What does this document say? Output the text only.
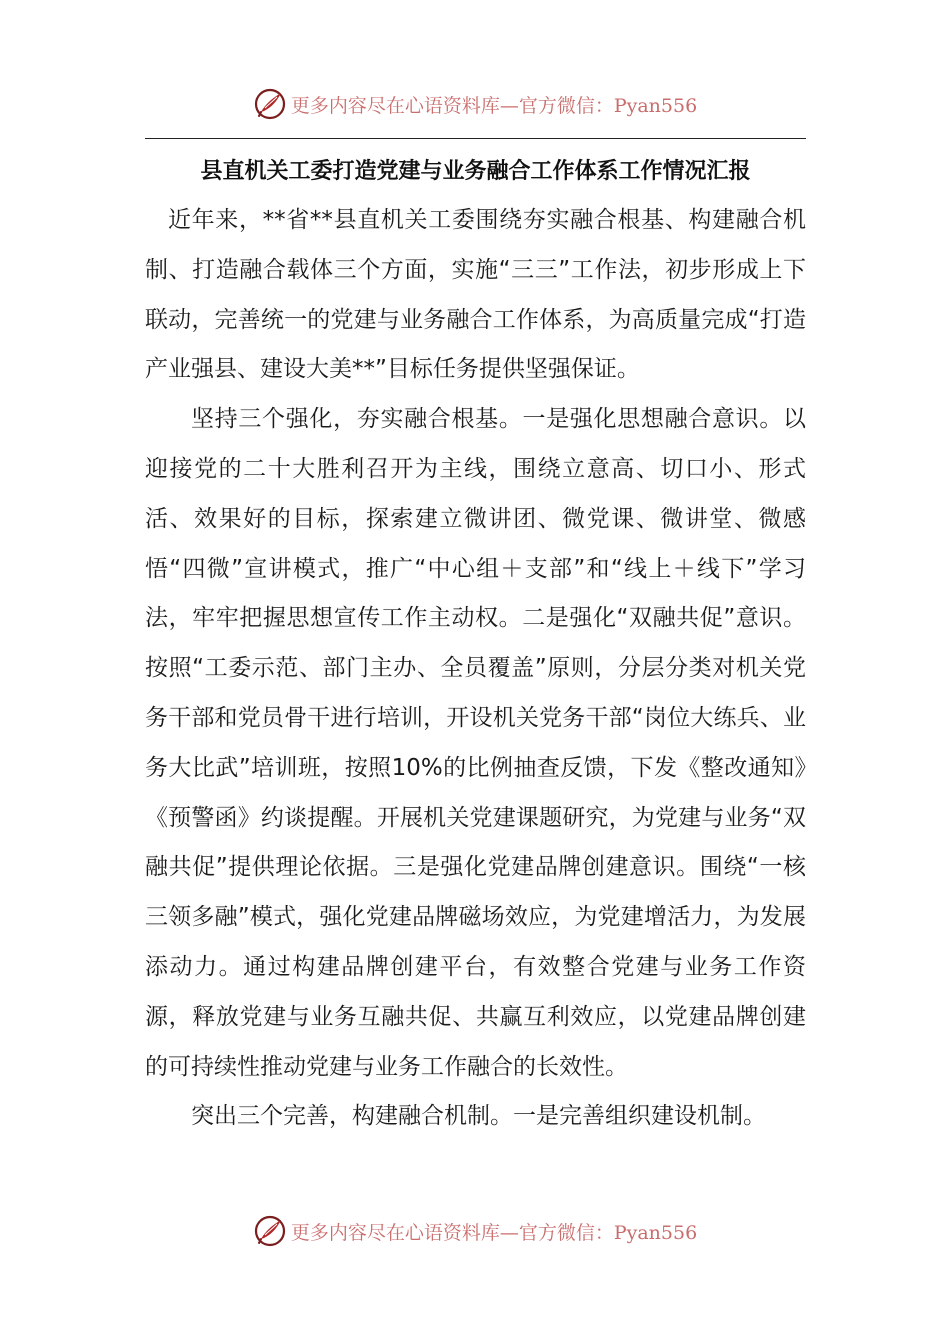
更多内容尽在心语资料库—官方微信：Pyan556
县直机关工委打造党建与业务融合工作体系工作情况汇报

近年来，**省**县直机关工委围绕夯实融合根基、构建融合机制、打造融合载体三个方面，实施“三三”工作法，初步形成上下联动，完善统一的党建与业务融合工作体系，为高质量完成“打造产业强县、建设大美**”目标任务提供坚强保证。

坚持三个强化，夯实融合根基。一是强化思想融合意识。以迎接党的二十大胜利召开为主线，围绕立意高、切口小、形式活、效果好的目标，探索建立微讲团、微党课、微讲堂、微感悟“四微”宣讲模式，推广“中心组＋支部”和“线上＋线下”学习法，牢牢把握思想宣传工作主动权。二是强化“双融共促”意识。按照“工委示范、部门主办、全员覆盖”原则，分层分类对机关党务干部和党员骨干进行培训，开设机关党务干部“岗位大练兵、业务大比武”培训班，按照10%的比例抽查反馈，下发《整改通知》《预警函》约谈提醒。开展机关党建课题研究，为党建与业务“双融共促”提供理论依据。三是强化党建品牌创建意识。围绕“一核三领多融”模式，强化党建品牌磁场效应，为党建增活力，为发展添动力。通过构建品牌创建平台，有效整合党建与业务工作资源，释放党建与业务互融共促、共赢互利效应，以党建品牌创建的可持续性推动党建与业务工作融合的长效性。

突出三个完善，构建融合机制。一是完善组织建设机制。

更多内容尽在心语资料库—官方微信：Pyan556
